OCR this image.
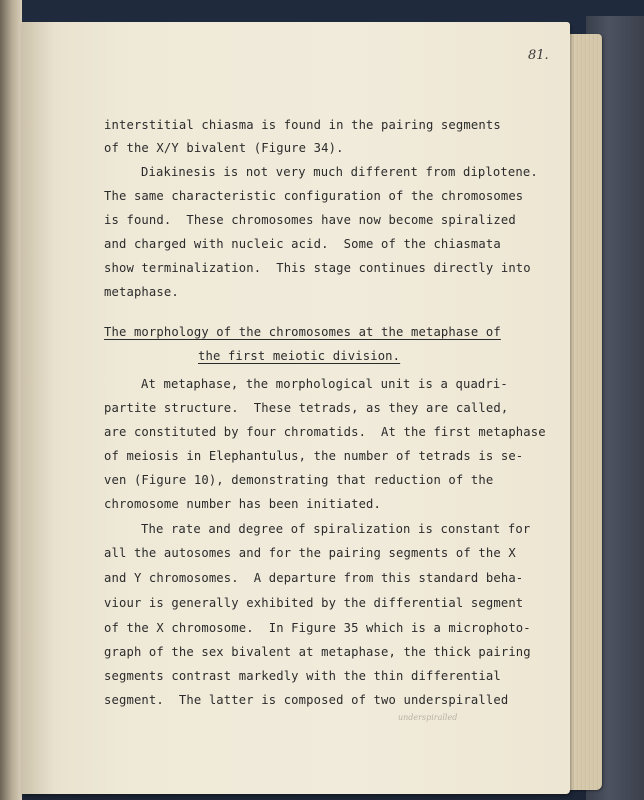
81.
interstitial chiasma is found in the pairing segments
of the X/Y bivalent (Figure 34).
Diakinesis is not very much different from diplotene.
The same characteristic configuration of the chromosomes
is found.  These chromosomes have now become spiralized
and charged with nucleic acid.  Some of the chiasmata
show terminalization.  This stage continues directly into
metaphase.
The morphology of the chromosomes at the metaphase of
the first meiotic division.
At metaphase, the morphological unit is a quadri-
partite structure.  These tetrads, as they are called,
are constituted by four chromatids.  At the first metaphase
of meiosis in Elephantulus, the number of tetrads is se-
ven (Figure 10), demonstrating that reduction of the
chromosome number has been initiated.
The rate and degree of spiralization is constant for
all the autosomes and for the pairing segments of the X
and Y chromosomes.  A departure from this standard beha-
viour is generally exhibited by the differential segment
of the X chromosome.  In Figure 35 which is a microphoto-
graph of the sex bivalent at metaphase, the thick pairing
segments contrast markedly with the thin differential
segment.  The latter is composed of two underspiralled
underspiralled
